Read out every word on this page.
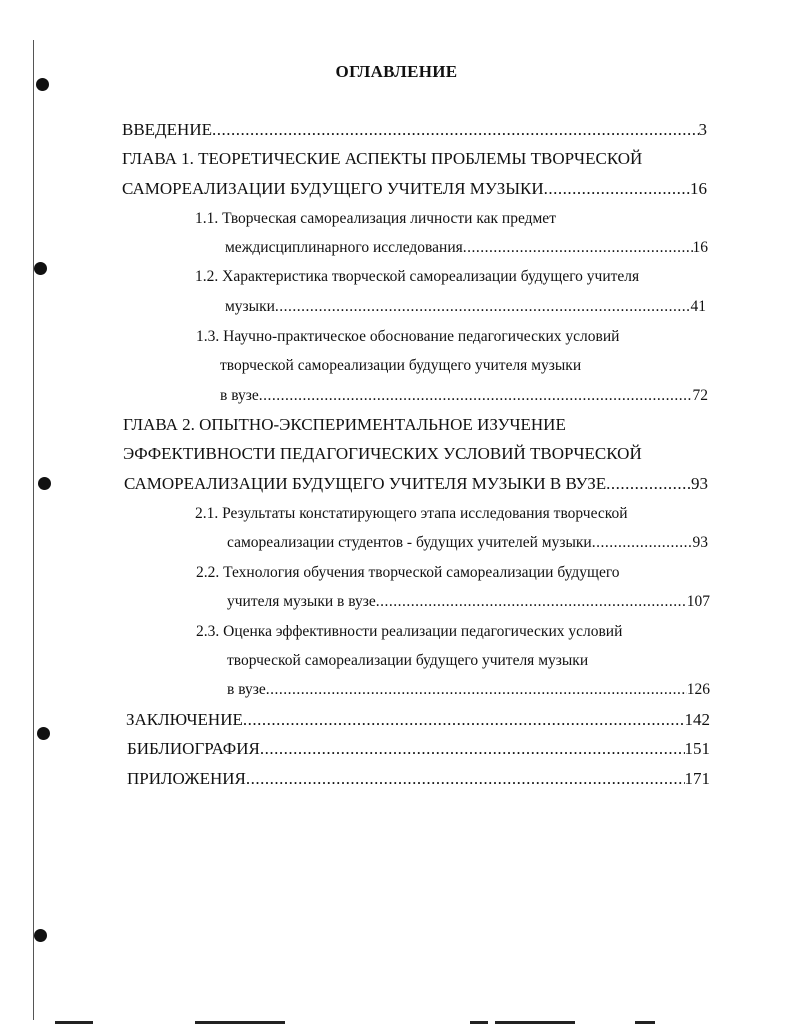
ОГЛАВЛЕНИЕ
ВВЕДЕНИЕ .....	3
ГЛАВА 1. ТЕОРЕТИЧЕСКИЕ АСПЕКТЫ ПРОБЛЕМЫ ТВОРЧЕСКОЙ
САМОРЕАЛИЗАЦИИ БУДУЩЕГО УЧИТЕЛЯ МУЗЫКИ .....	16
1.1. Творческая самореализация личности как предмет
междисциплинарного исследования .....	16
1.2. Характеристика творческой самореализации будущего учителя
музыки .....	41
1.3. Научно-практическое обоснование педагогических условий
творческой самореализации будущего учителя музыки
в вузе .....	72
ГЛАВА 2. ОПЫТНО-ЭКСПЕРИМЕНТАЛЬНОЕ ИЗУЧЕНИЕ
ЭФФЕКТИВНОСТИ ПЕДАГОГИЧЕСКИХ УСЛОВИЙ ТВОРЧЕСКОЙ
САМОРЕАЛИЗАЦИИ БУДУЩЕГО УЧИТЕЛЯ МУЗЫКИ В ВУЗЕ .....	93
2.1. Результаты констатирующего этапа исследования творческой
самореализации студентов - будущих учителей музыки .....	93
2.2. Технология обучения творческой самореализации будущего
учителя музыки в вузе .....	107
2.3. Оценка эффективности реализации педагогических условий
творческой самореализации будущего учителя музыки
в вузе .....	126
ЗАКЛЮЧЕНИЕ .....	142
БИБЛИОГРАФИЯ .....	151
ПРИЛОЖЕНИЯ .....	171
